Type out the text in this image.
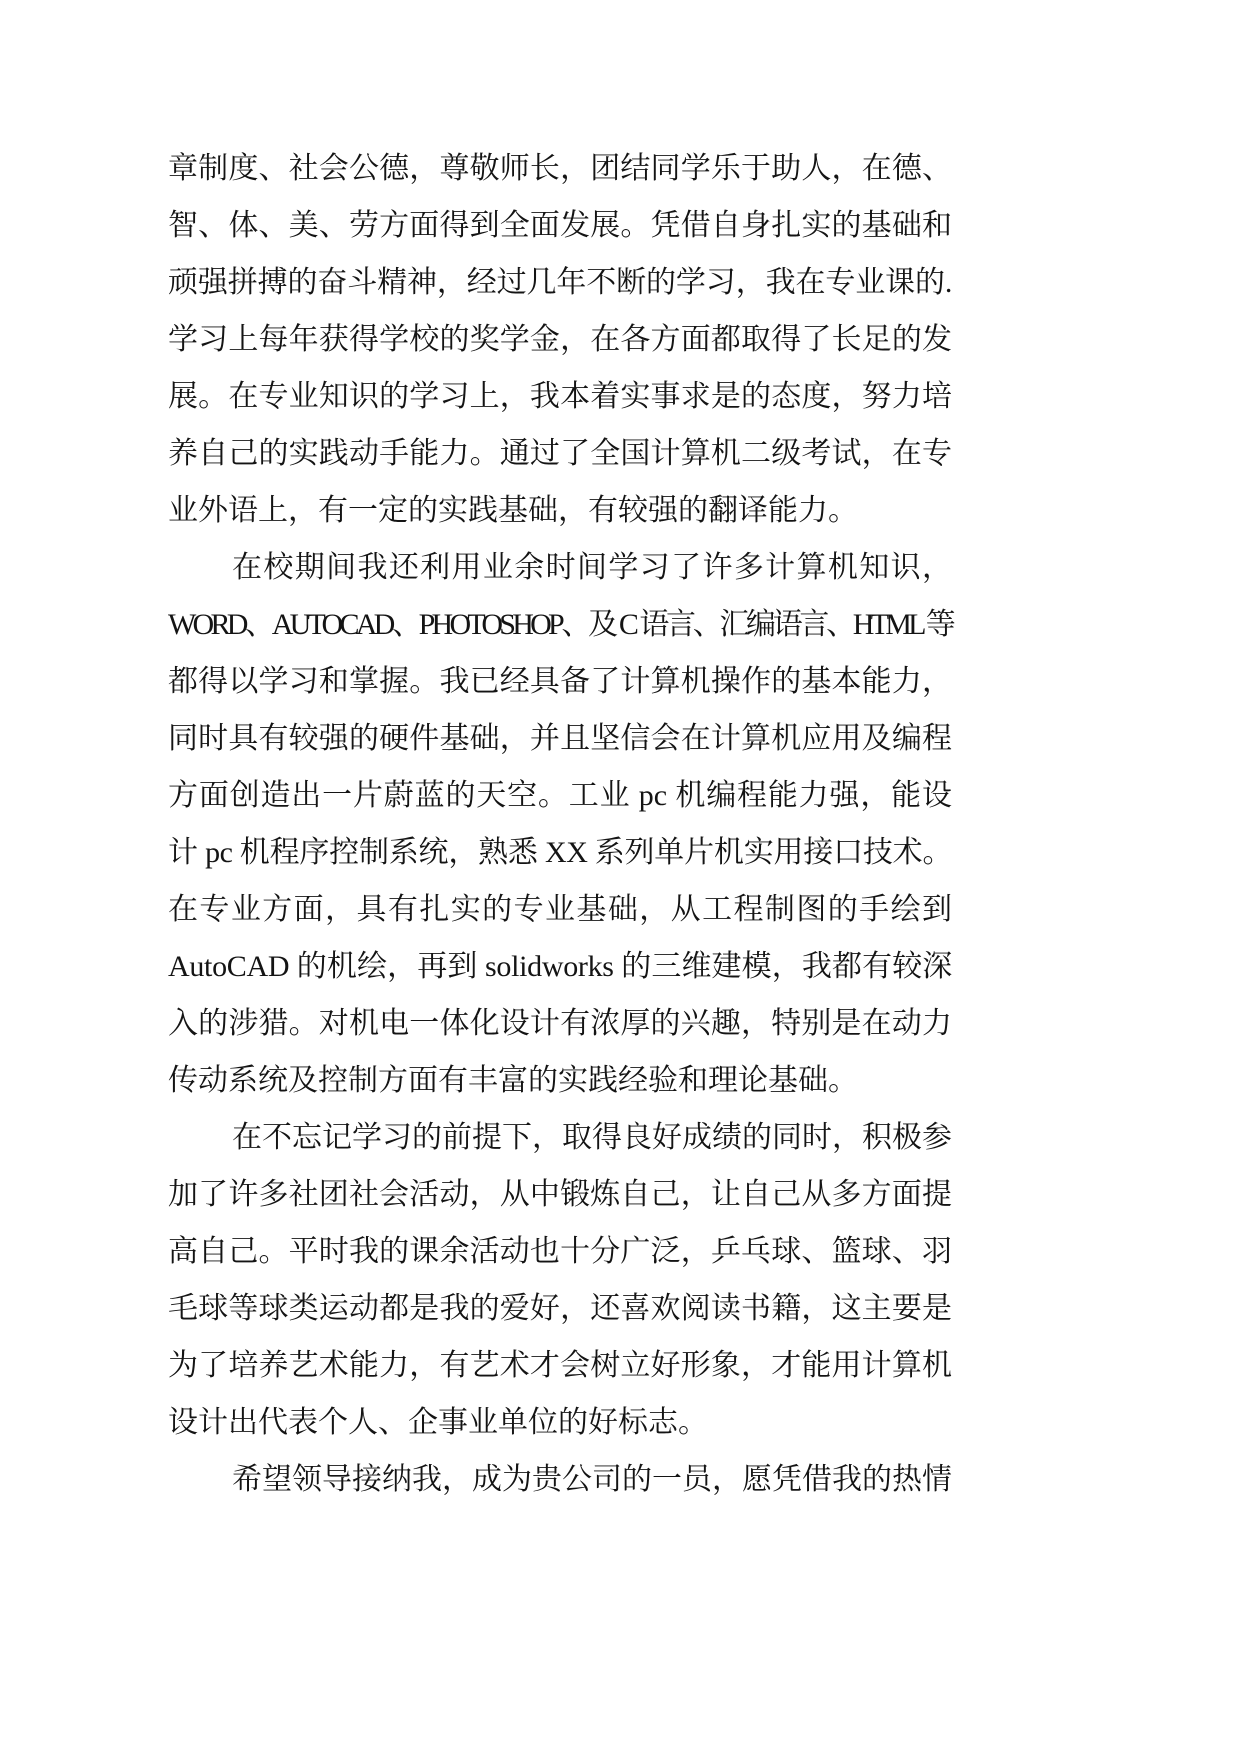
章制度、社会公德，尊敬师长，团结同学乐于助人，在德、
智、体、美、劳方面得到全面发展。凭借自身扎实的基础和
顽强拼搏的奋斗精神，经过几年不断的学习，我在专业课的.
学习上每年获得学校的奖学金，在各方面都取得了长足的发
展。在专业知识的学习上，我本着实事求是的态度，努力培
养自己的实践动手能力。通过了全国计算机二级考试，在专
业外语上，有一定的实践基础，有较强的翻译能力。
在校期间我还利用业余时间学习了许多计算机知识，
WORD、AUTOCAD、PHOTOSHOP、及 C 语言、汇编语言、HTML 等
都得以学习和掌握。我已经具备了计算机操作的基本能力，
同时具有较强的硬件基础，并且坚信会在计算机应用及编程
方面创造出一片蔚蓝的天空。工业 pc 机编程能力强，能设
计 pc 机程序控制系统，熟悉 XX 系列单片机实用接口技术。
在专业方面，具有扎实的专业基础，从工程制图的手绘到
AutoCAD 的机绘，再到 solidworks 的三维建模，我都有较深
入的涉猎。对机电一体化设计有浓厚的兴趣，特别是在动力
传动系统及控制方面有丰富的实践经验和理论基础。
在不忘记学习的前提下，取得良好成绩的同时，积极参
加了许多社团社会活动，从中锻炼自己，让自己从多方面提
高自己。平时我的课余活动也十分广泛，乒乓球、篮球、羽
毛球等球类运动都是我的爱好，还喜欢阅读书籍，这主要是
为了培养艺术能力，有艺术才会树立好形象，才能用计算机
设计出代表个人、企事业单位的好标志。
希望领导接纳我，成为贵公司的一员，愿凭借我的热情
